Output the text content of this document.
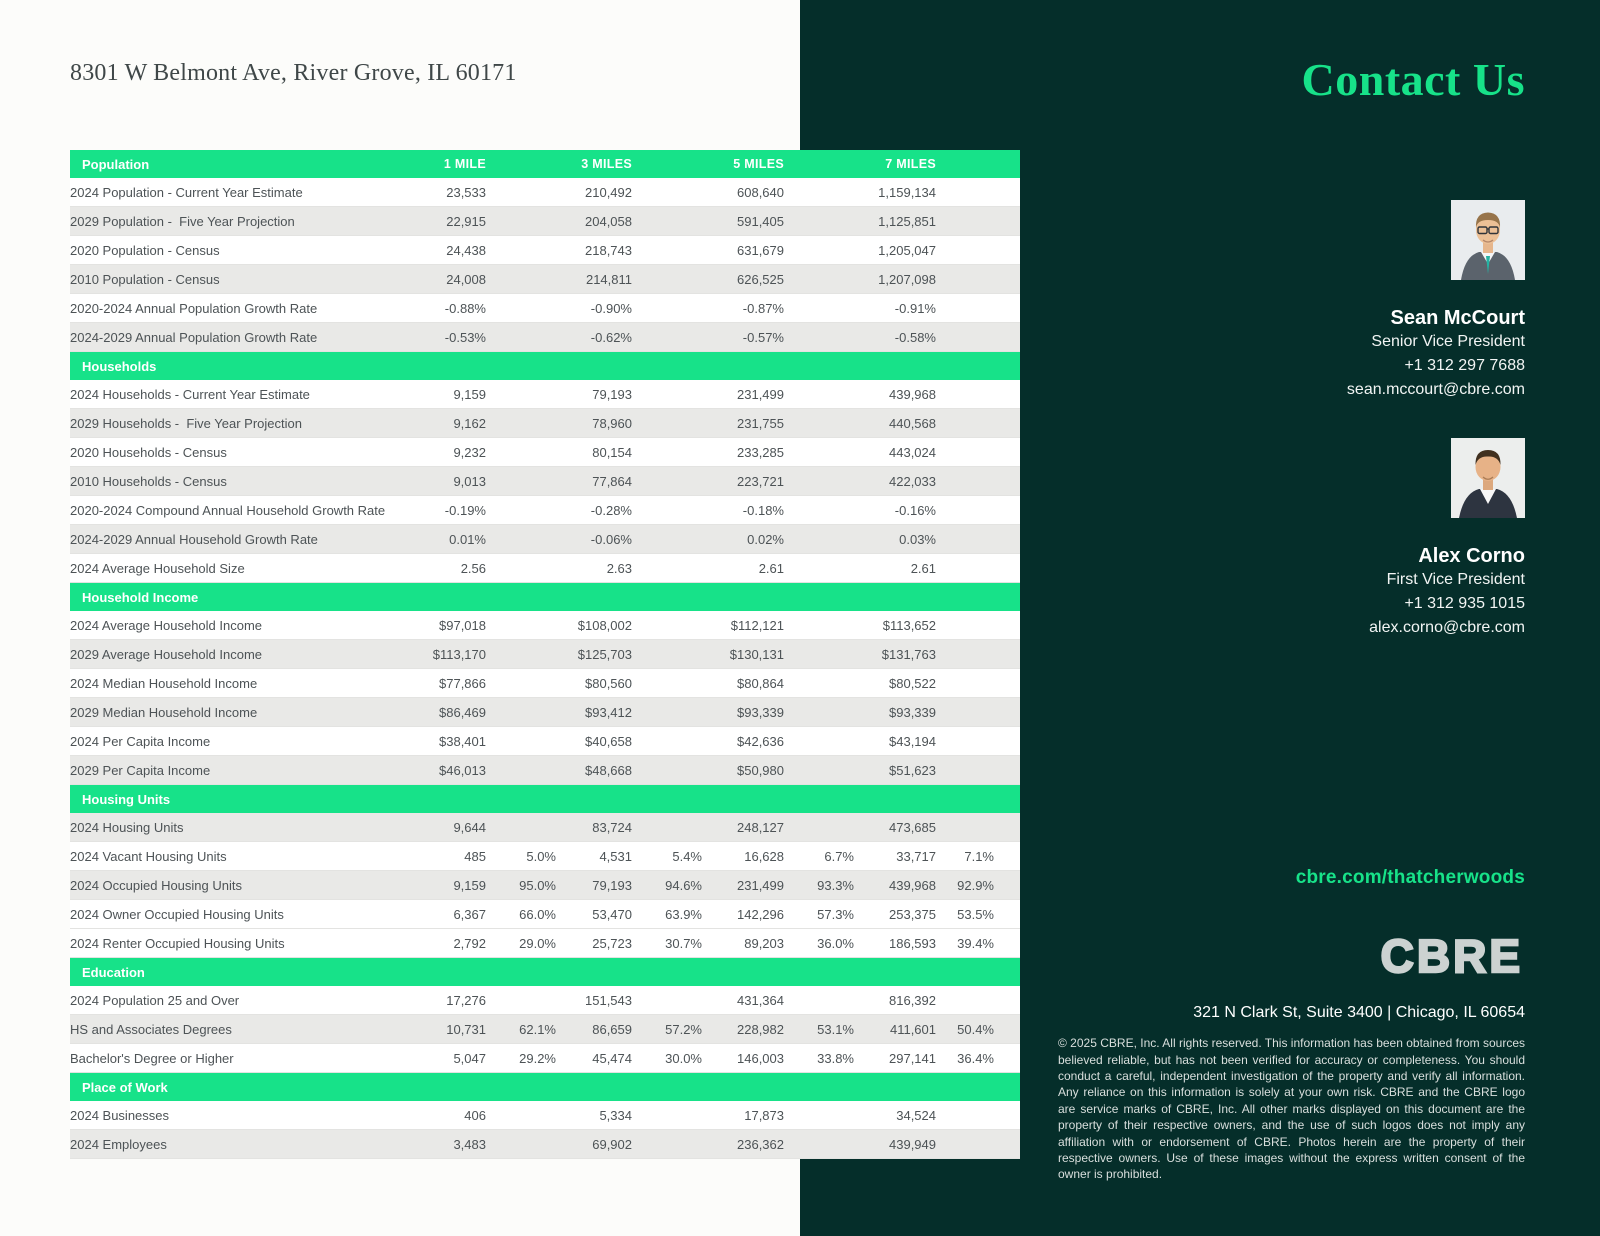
Contact Us
Sean McCourt
Senior Vice President
+1 312 297 7688
sean.mccourt@cbre.com
Alex Corno
First Vice President
+1 312 935 1015
alex.corno@cbre.com
cbre.com/thatcherwoods
CBRE
321 N Clark St, Suite 3400 | Chicago, IL 60654
© 2025 CBRE, Inc. All rights reserved. This information has been obtained from sources believed reliable, but has not been verified for accuracy or completeness. You should conduct a careful, independent investigation of the property and verify all information. Any reliance on this information is solely at your own risk. CBRE and the CBRE logo are service marks of CBRE, Inc. All other marks displayed on this document are the property of their respective owners, and the use of such logos does not imply any affiliation with or endorsement of CBRE. Photos herein are the property of their respective owners. Use of these images without the express written consent of the owner is prohibited.
8301 W Belmont Ave, River Grove, IL 60171
Population	1 MILE		3 MILES		5 MILES		7 MILES	
2024 Population - Current Year Estimate	23,533		210,492		608,640		1,159,134	
2029 Population -  Five Year Projection	22,915		204,058		591,405		1,125,851	
2020 Population - Census	24,438		218,743		631,679		1,205,047	
2010 Population - Census	24,008		214,811		626,525		1,207,098	
2020-2024 Annual Population Growth Rate	-0.88%		-0.90%		-0.87%		-0.91%	
2024-2029 Annual Population Growth Rate	-0.53%		-0.62%		-0.57%		-0.58%	
Households								
2024 Households - Current Year Estimate	9,159		79,193		231,499		439,968	
2029 Households -  Five Year Projection	9,162		78,960		231,755		440,568	
2020 Households - Census	9,232		80,154		233,285		443,024	
2010 Households - Census	9,013		77,864		223,721		422,033	
2020-2024 Compound Annual Household Growth Rate	-0.19%		-0.28%		-0.18%		-0.16%	
2024-2029 Annual Household Growth Rate	0.01%		-0.06%		0.02%		0.03%	
2024 Average Household Size	2.56		2.63		2.61		2.61	
Household Income								
2024 Average Household Income	$97,018		$108,002		$112,121		$113,652	
2029 Average Household Income	$113,170		$125,703		$130,131		$131,763	
2024 Median Household Income	$77,866		$80,560		$80,864		$80,522	
2029 Median Household Income	$86,469		$93,412		$93,339		$93,339	
2024 Per Capita Income	$38,401		$40,658		$42,636		$43,194	
2029 Per Capita Income	$46,013		$48,668		$50,980		$51,623	
Housing Units								
2024 Housing Units	9,644		83,724		248,127		473,685	
2024 Vacant Housing Units	485	5.0%	4,531	5.4%	16,628	6.7%	33,717	7.1%
2024 Occupied Housing Units	9,159	95.0%	79,193	94.6%	231,499	93.3%	439,968	92.9%
2024 Owner Occupied Housing Units	6,367	66.0%	53,470	63.9%	142,296	57.3%	253,375	53.5%
2024 Renter Occupied Housing Units	2,792	29.0%	25,723	30.7%	89,203	36.0%	186,593	39.4%
Education								
2024 Population 25 and Over	17,276		151,543		431,364		816,392	
HS and Associates Degrees	10,731	62.1%	86,659	57.2%	228,982	53.1%	411,601	50.4%
Bachelor's Degree or Higher	5,047	29.2%	45,474	30.0%	146,003	33.8%	297,141	36.4%
Place of Work								
2024 Businesses	406		5,334		17,873		34,524	
2024 Employees	3,483		69,902		236,362		439,949	
